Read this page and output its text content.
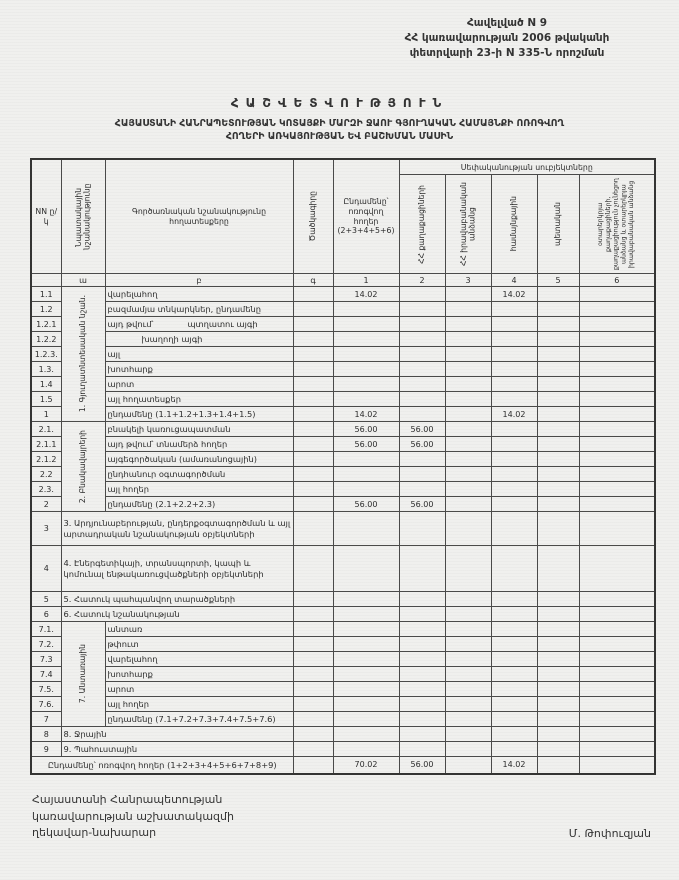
Հավելված N 9
ՀՀ կառավարության 2006 թվականի
փետրվարի 23-ի N 335-Ն որոշման
ՀԱՇՎԵՏՎՈՒԹՅՈՒՆ
ՀԱՅԱՍՏԱՆԻ ՀԱՆՐԱՊԵՏՈՒԹՅԱՆ ԿՈՏԱՅՔԻ ՄԱՐԶԻ ՋԱՈՒ ԳՅՈՒՂԱԿԱՆ ՀԱՄԱՅՆՔԻ ՈՌՈԳՎՈՂ
ՀՈՂԵՐԻ ԱՌԿԱՅՈՒԹՅԱՆ ԵՎ ԲԱՇԽՄԱՆ ՄԱՍԻՆ
NN ը/կ	Նպատակային նշանակությունը	Գործառնական նշանակությունը հողատեսքերը	Ծածկագիրը	Ընդամենը՝ ոռոգվող հողեր (2+3+4+5+6)	Սեփականության սուբյեկտները				

					ՀՀ քաղաքացիների	ՀՀ իրավաբանական անձանց	համայնքային	պետական	օտարերկրյա քաղաքացիների, քաղաքացիություն չունեցող անձանց և օտարերկրյա իրավաբանական անձանց

	ա	բ	գ	1	2	3	4	5	6
1.1	1. Գյուղատնտեսական նշան.	վարելահող		14.02			14.02		
1.2		բազմամյա տնկարկներ, ընդամենը							
1.2.1		այդ թվում՝ պտղատու այգի							
1.2.2		խաղողի այգի							
1.2.3.		այլ							
1.3.		խոտհարք							
1.4		արոտ							
1.5		այլ հողատեսքեր							
1		ընդամենը (1.1+1.2+1.3+1.4+1.5)		14.02			14.02		
2.1.	2. Բնակավայրերի	բնակելի կառուցապատման		56.00	56.00				
2.1.1		այդ թվում՝ տնամերձ հողեր		56.00	56.00				
2.1.2		այգեգործական (ամառանոցային)							
2.2		ընդհանուր օգտագործման							
2.3.		այլ հողեր							
2		ընդամենը (2.1+2.2+2.3)		56.00	56.00				
3	3. Արդյունաբերության, ընդերքօգտագործման և այլ արտադրական նշանակության օբյեկտների								
4	4. Էներգետիկայի, տրանսպորտի, կապի և կոմունալ ենթակառուցվածքների օբյեկտների								
5	5. Հատուկ պահպանվող տարածքների								
6	6. Հատուկ նշանակության								
7.1.	7. Անտառային	անտառ							
7.2.		թփուտ							
7.3		վարելահող							
7.4		խոտհարք							
7.5.		արոտ							
7.6.		այլ հողեր							
7		ընդամենը (7.1+7.2+7.3+7.4+7.5+7.6)							
8	8. Ջրային								
9	9. Պահուստային								
Ընդամենը՝ ոռոգվող հողեր (1+2+3+4+5+6+7+8+9)				70.02	56.00		14.02		
Հայաստանի Հանրապետության
կառավարության աշխատակազմի
ղեկավար-նախարար	Մ. Թոփուզյան
